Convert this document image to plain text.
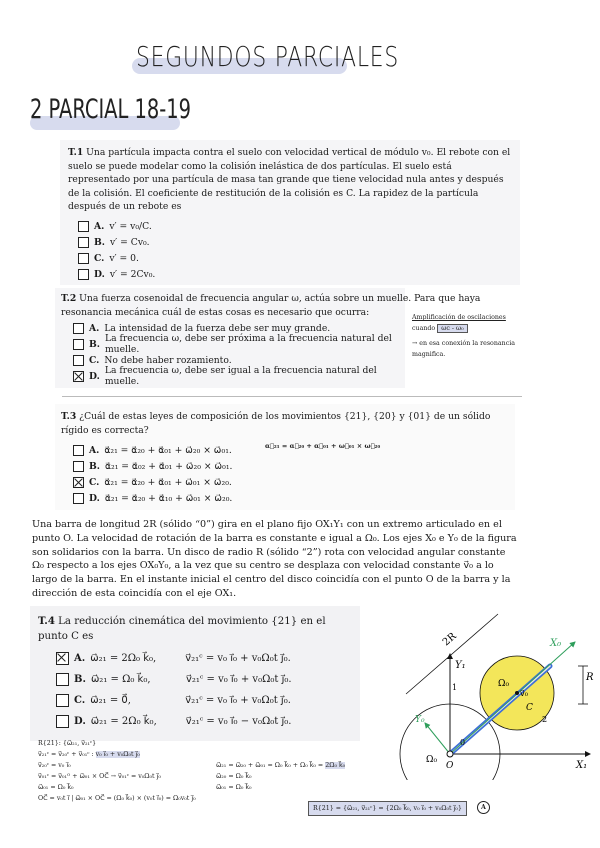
SEGUNDOS PARCIALES
2 PARCIAL 18-19
T.1 Una partícula impacta contra el suelo con velocidad vertical de módulo v₀. El rebote con el suelo se puede modelar como la colisión inelástica de dos partículas. El suelo está representado por una partícula de masa tan grande que tiene velocidad nula antes y después de la colisión. El coeficiente de restitución de la colisión es C. La rapidez de la partícula después de un rebote es
A. v′ = v₀/C.
B. v′ = Cv₀.
C. v′ = 0.
D. v′ = 2Cv₀.
T.2 Una fuerza cosenoidal de frecuencia angular ω, actúa sobre un muelle. Para que haya resonancia mecánica cuál de estas cosas es necesario que ocurra:
A. La intensidad de la fuerza debe ser muy grande.
B. La frecuencia ω, debe ser próxima a la frecuencia natural del muelle.
C. No debe haber rozamiento.
D. La frecuencia ω, debe ser igual a la frecuencia natural del muelle.
Amplificación de oscilaciones
cuando ωc - ω₀
→ en esa conexión la resonancia
magnifica.
T.3 ¿Cuál de estas leyes de composición de los movimientos {21}, {20} y {01} de un sólido rígido es correcta?
A. α⃗₂₁ = α⃗₂₀ + α⃗₀₁ + ω⃗₂₀ × ω⃗₀₁.
B. α⃗₂₁ = α⃗₀₂ + α⃗₀₁ + ω⃗₂₀ × ω⃗₀₁.
C. α⃗₂₁ = α⃗₂₀ + α⃗₀₁ + ω⃗₀₁ × ω⃗₂₀.
D. α⃗₂₁ = α⃗₂₀ + α⃗₁₀ + ω⃗₀₁ × ω⃗₂₀.
α⃗₂₁ = α⃗₂₀ + α⃗₀₁ + ω⃗₀₁ × ω⃗₂₀
Una barra de longitud 2R (sólido “0”) gira en el plano fijo OX₁Y₁ con un extremo articulado en el punto O. La velocidad de rotación de la barra es constante e igual a Ω₀. Los ejes X₀ e Y₀ de la figura son solidarios con la barra. Un disco de radio R (sólido “2”) rota con velocidad angular constante Ω₀ respecto a los ejes OX₀Y₀, a la vez que su centro se desplaza con velocidad constante v⃗₀ a lo largo de la barra. En el instante inicial el centro del disco coincidía con el punto O de la barra y la dirección de esta coincidía con el eje OX₁.
T.4 La reducción cinemática del movimiento {21} en el punto C es
A. ω⃗₂₁ = 2Ω₀ k⃗₀,	v⃗₂₁ᶜ = v₀ ı⃗₀ + v₀Ω₀t ȷ⃗₀.
B. ω⃗₂₁ = Ω₀ k⃗₀,	v⃗₂₁ᶜ = v₀ ı⃗₀ + v₀Ω₀t ȷ⃗₀.
C. ω⃗₂₁ = 0⃗,	v⃗₂₁ᶜ = v₀ ı⃗₀ + v₀Ω₀t ȷ⃗₀.
D. ω⃗₂₁ = 2Ω₀ k⃗₀,	v⃗₂₁ᶜ = v₀ ı⃗₀ − v₀Ω₀t ȷ⃗₀.
2R	X₀
Y₁
Y₀
X₁
R
Ω₀
v⃗₀
C
Ω₀
O
1
0
2
R{21}: {ω⃗₂₁, v⃗₂₁ᶜ}
v⃗₂₁ᶜ = v⃗₂₀ᶜ + v⃗₀₁ᶜ : v₀ ı⃗₀ + v₀Ω₀t ȷ⃗₀
v⃗₂₀ᶜ = v₀ ı⃗₀
v⃗₀₁ᶜ = v⃗₀₁ᴼ + ω⃗₀₁ × OC⃗ → v⃗₀₁ᶜ = v₀Ω₀t ȷ⃗₀
ω⃗₀₁ = Ω₀ k⃗₀
OC⃗ = v₀t ı⃗ | ω⃗₀₁ × OC⃗ = (Ω₀ k⃗₀) × (v₀t ı⃗₀) = Ω₀v₀t ȷ⃗₀
ω⃗₂₁ = ω⃗₂₀ + ω⃗₀₁ = Ω₀ k⃗₀ + Ω₀ k⃗₀ = 2Ω₀ k⃗₀
ω⃗₂₀ = Ω₀ k⃗₀
ω⃗₀₁ = Ω₀ k⃗₀
R{21} = {ω⃗₂₁, v⃗₂₁ᶜ} = {2Ω₀ k⃗₀, v₀ ı⃗₀ + v₀Ω₀t ȷ⃗₀}	A
